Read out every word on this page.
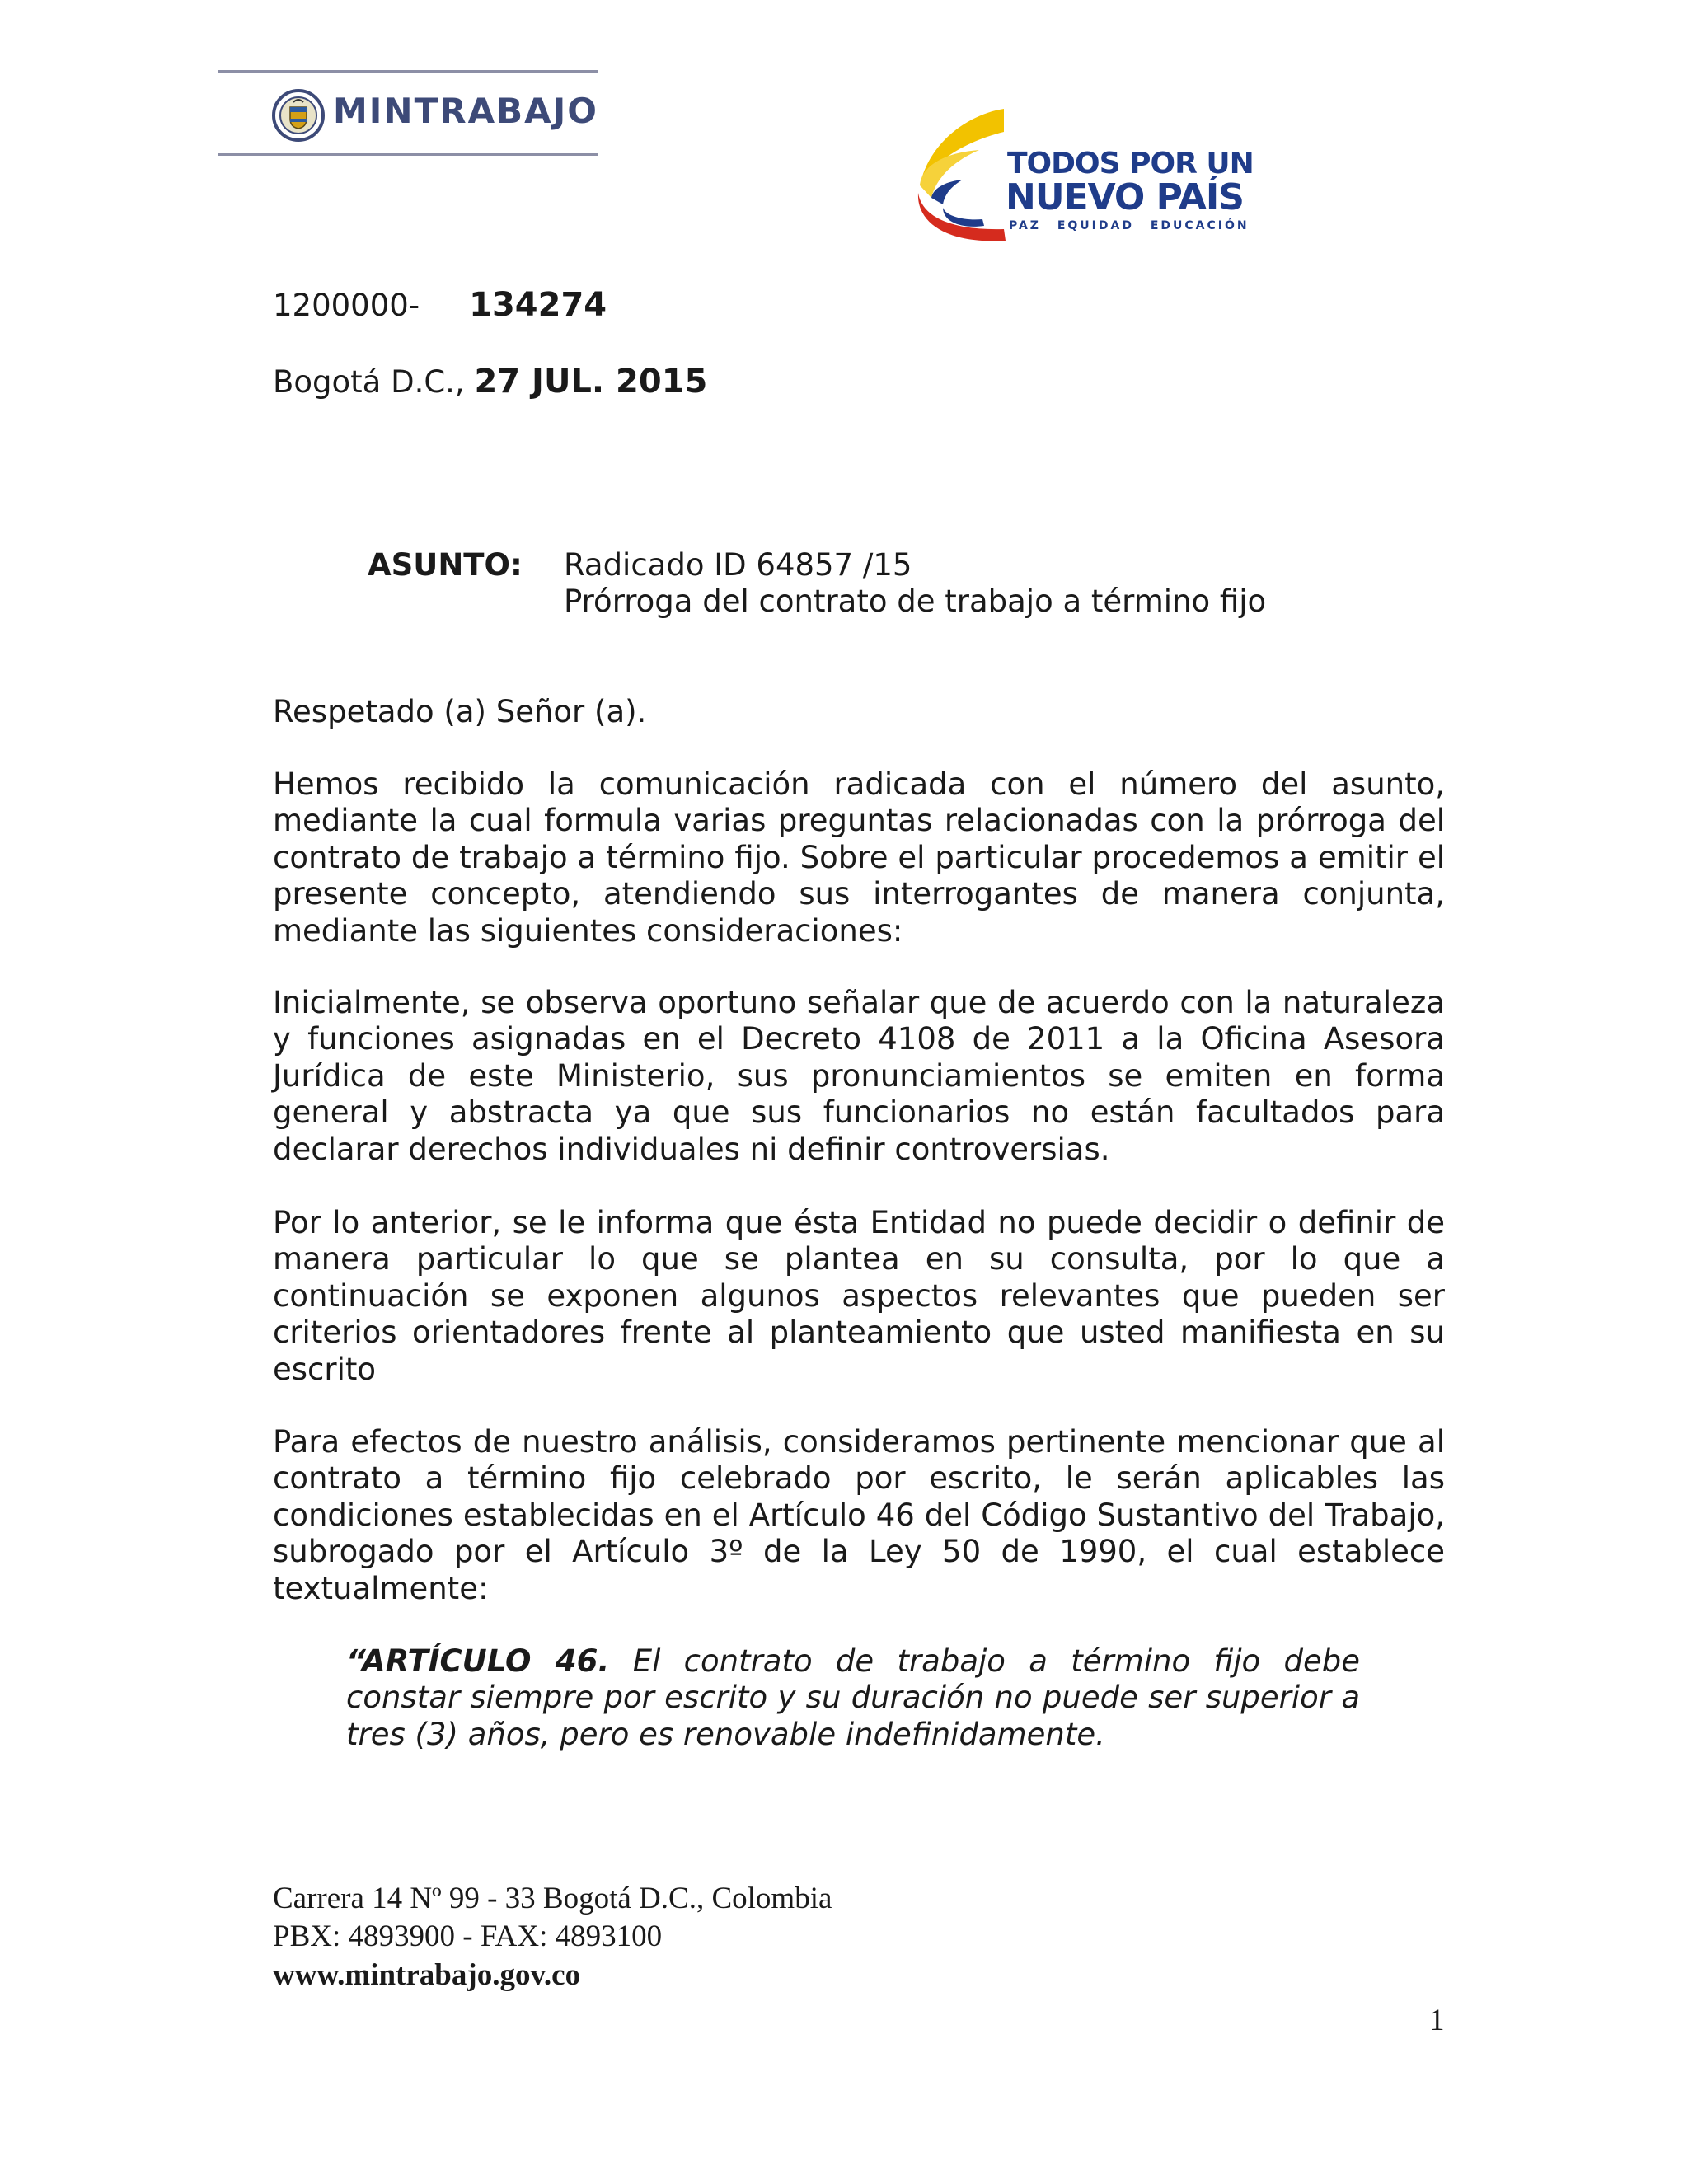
MINTRABAJO
TODOS POR UN
NUEVO PAÍS
PAZ EQUIDAD EDUCACIÓN
1200000- 134274
Bogotá D.C., 27 JUL. 2015
ASUNTO: Radicado ID 64857 /15
Prórroga del contrato de trabajo a término fijo
Respetado (a) Señor (a).

Hemos recibido la comunicación radicada con el número del asunto, mediante la cual formula varias preguntas relacionadas con la prórroga del contrato de trabajo a término fijo. Sobre el particular procedemos a emitir el presente concepto, atendiendo sus interrogantes de manera conjunta, mediante las siguientes consideraciones:

Inicialmente, se observa oportuno señalar que de acuerdo con la naturaleza y funciones asignadas en el Decreto 4108 de 2011 a la Oficina Asesora Jurídica de este Ministerio, sus pronunciamientos se emiten en forma general y abstracta ya que sus funcionarios no están facultados para declarar derechos individuales ni definir controversias.

Por lo anterior, se le informa que ésta Entidad no puede decidir o definir de manera particular lo que se plantea en su consulta, por lo que a continuación se exponen algunos aspectos relevantes que pueden ser criterios orientadores frente al planteamiento que usted manifiesta en su escrito

Para efectos de nuestro análisis, consideramos pertinente mencionar que al contrato a término fijo celebrado por escrito, le serán aplicables las condiciones establecidas en el Artículo 46 del Código Sustantivo del Trabajo, subrogado por el Artículo 3º de la Ley 50 de 1990, el cual establece textualmente:

“ARTÍCULO 46. El contrato de trabajo a término fijo debe constar siempre por escrito y su duración no puede ser superior a tres (3) años, pero es renovable indefinidamente.

Carrera 14 Nº 99 - 33 Bogotá D.C., Colombia
PBX: 4893900 - FAX: 4893100
www.mintrabajo.gov.co
1
